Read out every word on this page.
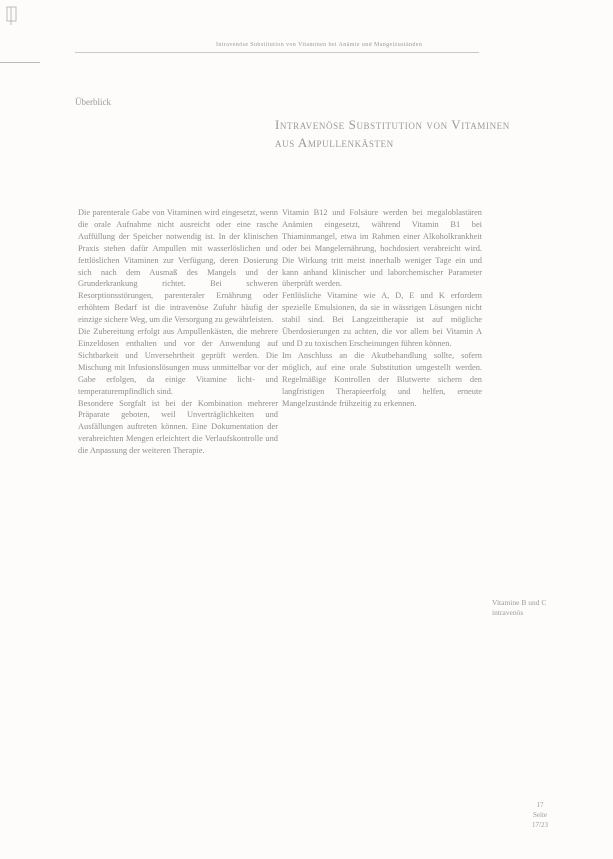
Intravenöse Substitution von Vitaminen bei Anämie und Mangelzuständen
Überblick
Intravenöse Substitution von Vitaminen aus Ampullenkästen

Die parenterale Gabe von Vitaminen wird eingesetzt, wenn die orale Aufnahme nicht ausreicht oder eine rasche Auffüllung der Speicher notwendig ist. In der klinischen Praxis stehen dafür Ampullen mit wasserlöslichen und fettlöslichen Vitaminen zur Verfügung, deren Dosierung sich nach dem Ausmaß des Mangels und der Grunderkrankung richtet. Bei schweren Resorptionsstörungen, parenteraler Ernährung oder erhöhtem Bedarf ist die intravenöse Zufuhr häufig der einzige sichere Weg, um die Versorgung zu gewährleisten.

Die Zubereitung erfolgt aus Ampullenkästen, die mehrere Einzeldosen enthalten und vor der Anwendung auf Sichtbarkeit und Unversehrtheit geprüft werden. Die Mischung mit Infusionslösungen muss unmittelbar vor der Gabe erfolgen, da einige Vitamine licht- und temperaturempfindlich sind.

Besondere Sorgfalt ist bei der Kombination mehrerer Präparate geboten, weil Unverträglichkeiten und Ausfällungen auftreten können. Eine Dokumentation der verabreichten Mengen erleichtert die Verlaufskontrolle und die Anpassung der weiteren Therapie.

Vitamin B12 und Folsäure werden bei megaloblastären Anämien eingesetzt, während Vitamin B1 bei Thiaminmangel, etwa im Rahmen einer Alkoholkrankheit oder bei Mangelernährung, hochdosiert verabreicht wird. Die Wirkung tritt meist innerhalb weniger Tage ein und kann anhand klinischer und laborchemischer Parameter überprüft werden.

Fettlösliche Vitamine wie A, D, E und K erfordern spezielle Emulsionen, da sie in wässrigen Lösungen nicht stabil sind. Bei Langzeittherapie ist auf mögliche Überdosierungen zu achten, die vor allem bei Vitamin A und D zu toxischen Erscheinungen führen können.

Im Anschluss an die Akutbehandlung sollte, sofern möglich, auf eine orale Substitution umgestellt werden. Regelmäßige Kontrollen der Blutwerte sichern den langfristigen Therapieerfolg und helfen, erneute Mangelzustände frühzeitig zu erkennen.

Vitamine B und C intravenös
17
Seite
17/23
